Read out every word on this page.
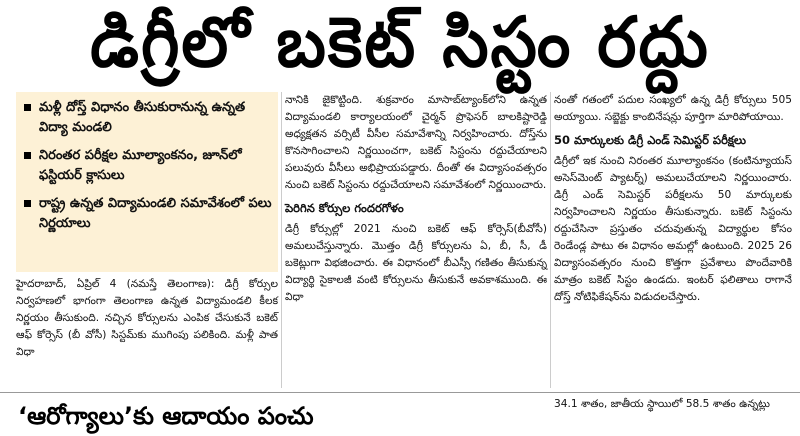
డిగ్రీలో బకెట్ సిస్టం రద్దు
మళ్లీ దోస్త్ విధానం తీసుకురానున్న ఉన్నత విద్యా మండలి
నిరంతర పరీక్షల మూల్యాంకనం, జూన్‌లో ఫస్టియర్ క్లాసులు
రాష్ట్ర ఉన్నత విద్యామండలి సమావేశంలో పలు నిర్ణయాలు

హైదరాబాద్, ఏప్రిల్ 4 (నమస్తే తెలంగాణ): డిగ్రీ కోర్సుల నిర్వహణలో భాగంగా తెలంగాణ ఉన్నత విద్యామండలి కీలక నిర్ణయం తీసుకుంది. నచ్చిన కోర్సులను ఎంపిక చేసుకునే బకెట్ ఆఫ్ కోర్సెస్ (బీ వోసీ) సిస్టమ్‌కు ముగింపు పలికింది. మళ్లీ పాత విధా

నానికి జైకొట్టింది. శుక్రవారం మాసాబ్‌ట్యాంక్‌లోని ఉన్నత విద్యామండలి కార్యాలయంలో చైర్మన్ ప్రొఫెసర్ బాలకిష్టారెడ్డి అధ్యక్షతన వర్సిటీ వీసీల సమావేశాన్ని నిర్వహించారు. దోస్త్‌ను కొనసాగించాలని నిర్ణయించగా, బకెట్ సిస్టంను రద్దుచేయాలని పలువురు వీసీలు అభిప్రాయపడ్డారు. దీంతో ఈ విద్యాసంవత్సరం నుంచి బకెట్ సిస్టంను రద్దుచేయాలని సమావేశంలో నిర్ణయించారు.

పెరిగిన కోర్సుల గందరగోళం

డిగ్రీ కోర్సుల్లో 2021 నుంచి బకెట్ ఆఫ్ కోర్సెస్(బీవోసీ) అమలుచేస్తున్నారు. మొత్తం డిగ్రీ కోర్సులను ఏ, బీ, సీ, డీ బకెట్లుగా విభజించారు. ఈ విధానంలో బీఎస్సీ గణితం తీసుకున్న విద్యార్థి సైకాలజీ వంటి కోర్సులను తీసుకునే అవకాశముంది. ఈ విధా

నంతో గతంలో పదుల సంఖ్యలో ఉన్న డిగ్రీ కోర్సులు 505 అయ్యాయి. సబ్జెక్టు కాంబినేషన్లు పూర్తిగా మారిపోయాయి.

50 మార్కులకు డిగ్రీ ఎండ్ సెమిస్టర్ పరీక్షలు

డిగ్రీలో ఇక నుంచి నిరంతర మూల్యాంకనం (కంటిన్యూయస్ అసెస్‌మెంట్ ప్యాటర్న్) అమలుచేయాలని నిర్ణయించారు. డిగ్రీ ఎండ్ సెమిస్టర్ పరీక్షలను 50 మార్కులకు నిర్వహించాలని నిర్ణయం తీసుకున్నారు. బకెట్ సిస్టంను రద్దుచేసినా ప్రస్తుతం చదువుతున్న విద్యార్థుల కోసం రెండేండ్ల పాటు ఈ విధానం అమల్లో ఉంటుంది. 2025 26 విద్యాసంవత్సరం నుంచి కొత్తగా ప్రవేశాలు పొందేవారికి మాత్రం బకెట్ సిస్టం ఉండదు. ఇంటర్ ఫలితాలు రాగానే దోస్త్ నోటిఫికేషన్‌ను విడుదలచేస్తారు.

‘ఆరోగ్యాలు’కు ఆదాయం పంచు	34.1 శాతం, జాతీయ స్థాయిలో 58.5 శాతం ఉన్నట్లు
